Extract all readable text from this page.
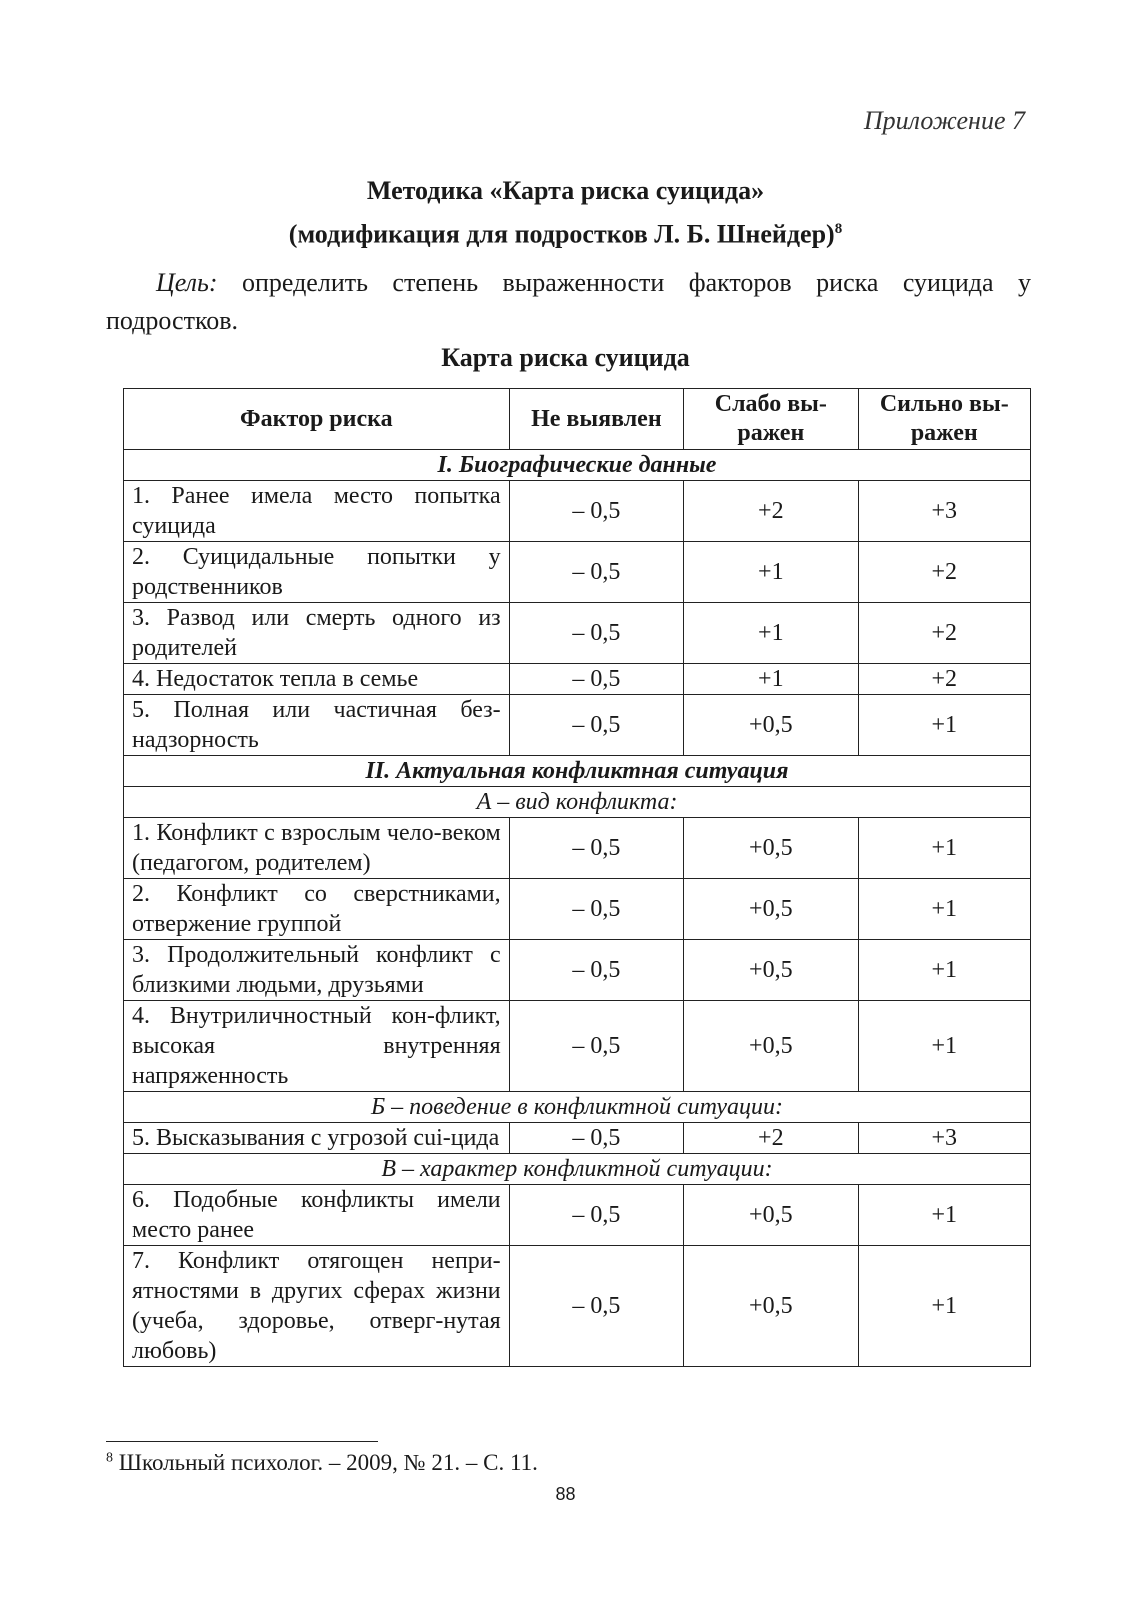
Приложение 7
Методика «Карта риска суицида»
(модификация для подростков Л. Б. Шнейдер)$^8$
Цель: определить степень выраженности факторов риска суицида у подростков.
Карта риска суицида
Фактор риска	Не выявлен	Слабо вы-ражен	Сильно вы-ражен
I. Биографические данные			
1. Ранее имела место попытка суицида	– 0,5	+2	+3
2. Суицидальные попытки у родственников	– 0,5	+1	+2
3. Развод или смерть одного из родителей	– 0,5	+1	+2
4. Недостаток тепла в семье	– 0,5	+1	+2
5. Полная или частичная без-надзорность	– 0,5	+0,5	+1
II. Актуальная конфликтная ситуация			
А – вид конфликта:			
1. Конфликт с взрослым чело-веком (педагогом, родителем)	– 0,5	+0,5	+1
2. Конфликт со сверстниками, отвержение группой	– 0,5	+0,5	+1
3. Продолжительный конфликт с близкими людьми, друзьями	– 0,5	+0,5	+1
4. Внутриличностный кон-фликт, высокая внутренняя напряженность	– 0,5	+0,5	+1
Б – поведение в конфликтной ситуации:			
5. Высказывания с угрозой сui-цида	– 0,5	+2	+3
В – характер конфликтной ситуации:			
6. Подобные конфликты имели место ранее	– 0,5	+0,5	+1
7. Конфликт отягощен непри-ятностями в других сферах жизни (учеба, здоровье, отверг-нутая любовь)	– 0,5	+0,5	+1
$^8$ Школьный психолог. – 2009, № 21. – С. 11.
88
